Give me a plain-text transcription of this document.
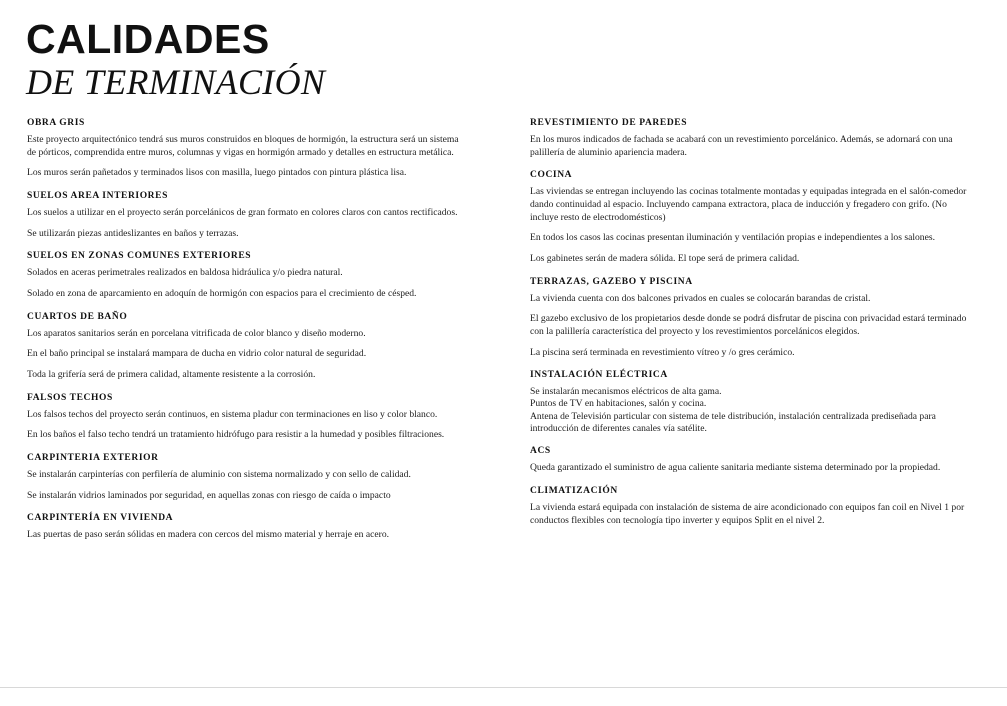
CALIDADES
DE TERMINACIÓN
OBRA GRIS

Este proyecto arquitectónico tendrá sus muros construidos en bloques de hormigón, la estructura será un sistema de pórticos, comprendida entre muros, columnas y vigas en hormigón armado y detalles en estructura metálica.

Los muros serán pañetados y terminados lisos con masilla, luego pintados con pintura plástica lisa.

SUELOS AREA INTERIORES

Los suelos a utilizar en el proyecto serán porcelánicos de gran formato en colores claros con cantos rectificados.

Se utilizarán piezas antideslizantes en baños y terrazas.

SUELOS EN ZONAS COMUNES EXTERIORES

Solados en aceras perimetrales realizados en baldosa hidráulica y/o piedra natural.

Solado en zona de aparcamiento en adoquín de hormigón con espacios para el crecimiento de césped.

CUARTOS DE BAÑO

Los aparatos sanitarios serán en porcelana vitrificada de color blanco y diseño moderno.

En el baño principal se instalará mampara de ducha en vidrio color natural de seguridad.

Toda la grifería será de primera calidad, altamente resistente a la corrosión.

FALSOS TECHOS

Los falsos techos del proyecto serán continuos, en sistema pladur con terminaciones en liso y color blanco.

En los baños el falso techo tendrá un tratamiento hidrófugo para resistir a la humedad y posibles filtraciones.

CARPINTERIA EXTERIOR

Se instalarán carpinterías con perfilería de aluminio con sistema normalizado y con sello de calidad.

Se instalarán vidrios laminados por seguridad, en aquellas zonas con riesgo de caída o impacto

CARPINTERÍA EN VIVIENDA

Las puertas de paso serán sólidas en madera con cercos del mismo material y herraje en acero.

REVESTIMIENTO DE PAREDES

En los muros indicados de fachada se acabará con un revestimiento porcelánico. Además, se adornará con una palillería de aluminio apariencia madera.

COCINA

Las viviendas se entregan incluyendo las cocinas totalmente montadas y equipadas integrada en el salón-comedor dando continuidad al espacio. Incluyendo campana extractora, placa de inducción y fregadero con grifo. (No incluye resto de electrodomésticos)

En todos los casos las cocinas presentan iluminación y ventilación propias e independientes a los salones.

Los gabinetes serán de madera sólida. El tope será de primera calidad.

TERRAZAS, GAZEBO Y PISCINA

La vivienda cuenta con dos balcones privados en cuales se colocarán barandas de cristal.

El gazebo exclusivo de los propietarios desde donde se podrá disfrutar de piscina con privacidad estará terminado con la palillería característica del proyecto y los revestimientos porcelánicos elegidos.

La piscina será terminada en revestimiento vítreo y /o gres cerámico.

INSTALACIÓN ELÉCTRICA

Se instalarán mecanismos eléctricos de alta gama.

Puntos de TV en habitaciones, salón y cocina.

Antena de Televisión particular con sistema de tele distribución, instalación centralizada prediseñada para introducción de diferentes canales vía satélite.

ACS

Queda garantizado el suministro de agua caliente sanitaria mediante sistema determinado por la propiedad.

CLIMATIZACIÓN

La vivienda estará equipada con instalación de sistema de aire acondicionado con equipos fan coil en Nivel 1 por conductos flexibles con tecnología tipo inverter y equipos Split en el nivel 2.
